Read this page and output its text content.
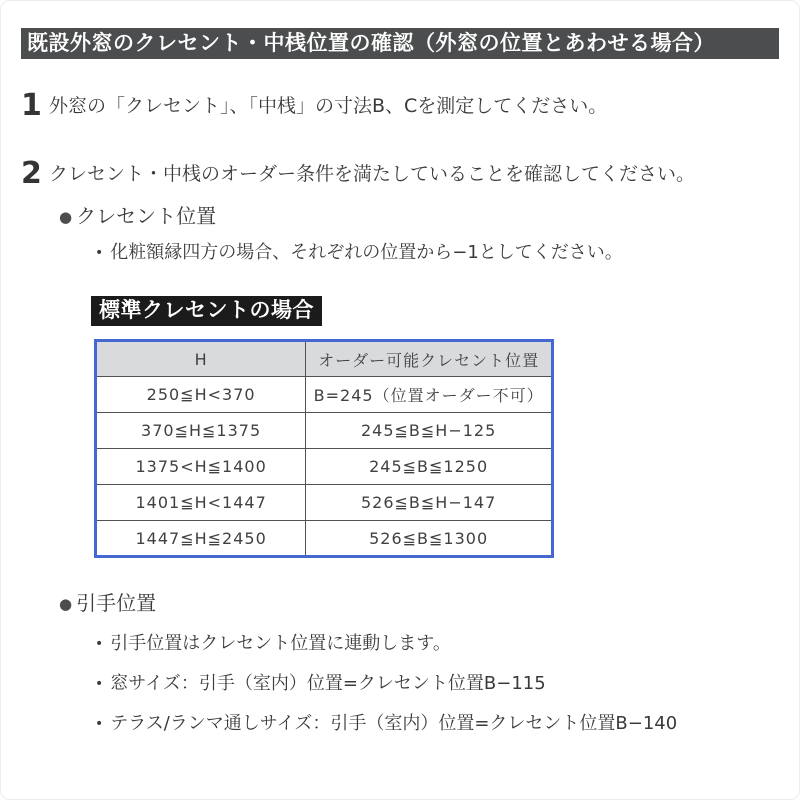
既設外窓のクレセント・中桟位置の確認（外窓の位置とあわせる場合）
1 外窓の「クレセント」、「中桟」の寸法B、Cを測定してください。
2 クレセント・中桟のオーダー条件を満たしていることを確認してください。
●
クレセント位置
•
化粧額縁四方の場合、それぞれの位置から−1としてください。
標準クレセントの場合
H	オーダー可能クレセント位置
250≦H<370	B=245（位置オーダー不可）
370≦H≦1375	245≦B≦H−125
1375<H≦1400	245≦B≦1250
1401≦H<1447	526≦B≦H−147
1447≦H≦2450	526≦B≦1300
●
引手位置
•
引手位置はクレセント位置に連動します。
•
窓サイズ：引手（室内）位置=クレセント位置B−115
•
テラス/ランマ通しサイズ：引手（室内）位置=クレセント位置B−140
